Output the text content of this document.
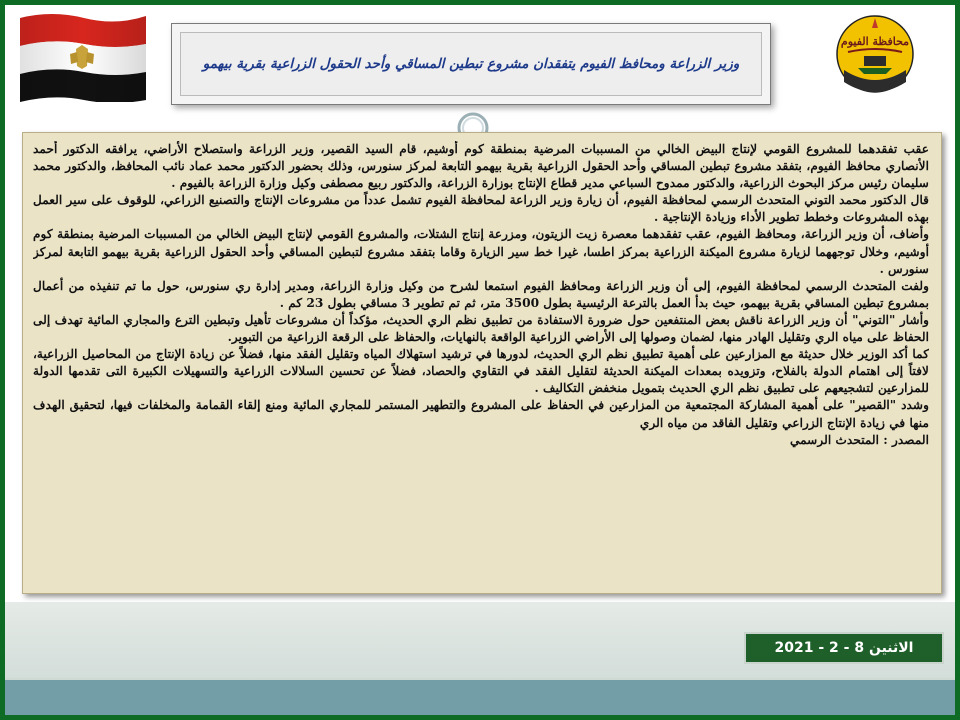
وزير الزراعة ومحافظ الفيوم يتفقدان مشروع تبطين المساقي وأحد الحقول الزراعية بقرية بيهمو
محافظة الفيوم

عقب تفقدهما للمشروع القومي لإنتاج البيض الخالي من المسببات المرضية بمنطقة كوم أوشيم، قام السيد القصير، وزير الزراعة واستصلاح الأراضي، يرافقه الدكتور أحمد الأنصاري محافظ الفيوم، بتفقد مشروع تبطين المساقي وأحد الحقول الزراعية بقرية بيهمو التابعة لمركز سنورس، وذلك بحضور الدكتور محمد عماد نائب المحافظ، والدكتور محمد سليمان رئيس مركز البحوث الزراعية، والدكتور ممدوح السباعي مدير قطاع الإنتاج بوزارة الزراعة، والدكتور ربيع مصطفى وكيل وزارة الزراعة بالفيوم .

قال الدكتور محمد التوني المتحدث الرسمي لمحافظة الفيوم، أن زيارة وزير الزراعة لمحافظة الفيوم تشمل عدداً من مشروعات الإنتاج والتصنيع الزراعي، للوقوف على سير العمل بهذه المشروعات وخطط تطوير الأداء وزيادة الإنتاجية .

وأضاف، أن وزير الزراعة، ومحافظ الفيوم، عقب تفقدهما معصرة زيت الزيتون، ومزرعة إنتاج الشتلات، والمشروع القومي لإنتاج البيض الخالي من المسببات المرضية بمنطقة كوم أوشيم، وخلال توجههما لزيارة مشروع الميكنة الزراعية بمركز اطسا، غيرا خط سير الزيارة وقاما بتفقد مشروع لتبطين المساقي وأحد الحقول الزراعية بقرية بيهمو التابعة لمركز سنورس .

ولفت المتحدث الرسمي لمحافظة الفيوم، إلى أن وزير الزراعة ومحافظ الفيوم استمعا لشرح من وكيل وزارة الزراعة، ومدير إدارة ري سنورس، حول ما تم تنفيذه من أعمال بمشروع تبطين المساقي بقرية بيهمو، حيث بدأ العمل بالترعة الرئيسية بطول 3500 متر، ثم تم تطوير 3 مساقي بطول 23 كم .

وأشار "التوني" أن وزير الزراعة ناقش بعض المنتفعين حول ضرورة الاستفادة من تطبيق نظم الري الحديث، مؤكداً أن مشروعات تأهيل وتبطين الترع والمجاري المائية تهدف إلى الحفاظ على مياه الري وتقليل الهادر منها، لضمان وصولها إلى الأراضي الزراعية الواقعة بالنهايات، والحفاظ على الرقعة الزراعية من التبوير.

كما أكد الوزير خلال حديثة مع المزارعين على أهمية تطبيق نظم الري الحديث، لدورها في ترشيد استهلاك المياه وتقليل الفقد منها، فضلاً عن زيادة الإنتاج من المحاصيل الزراعية، لافتاً إلى اهتمام الدولة بالفلاح، وتزويده بمعدات الميكنة الحديثة لتقليل الفقد في التقاوي والحصاد، فضلاً عن تحسين السلالات الزراعية والتسهيلات الكبيرة التى تقدمها الدولة للمزارعين لتشجيعهم على تطبيق نظم الري الحديث بتمويل منخفض التكاليف .

وشدد "القصير" على أهمية المشاركة المجتمعية من المزارعين في الحفاظ على المشروع والتطهير المستمر للمجاري المائية ومنع إلقاء القمامة والمخلفات فيها، لتحقيق الهدف منها في زيادة الإنتاج الزراعي وتقليل الفاقد من مياه الري

المصدر : المتحدث الرسمي

الاثنين 8 - 2 - 2021
